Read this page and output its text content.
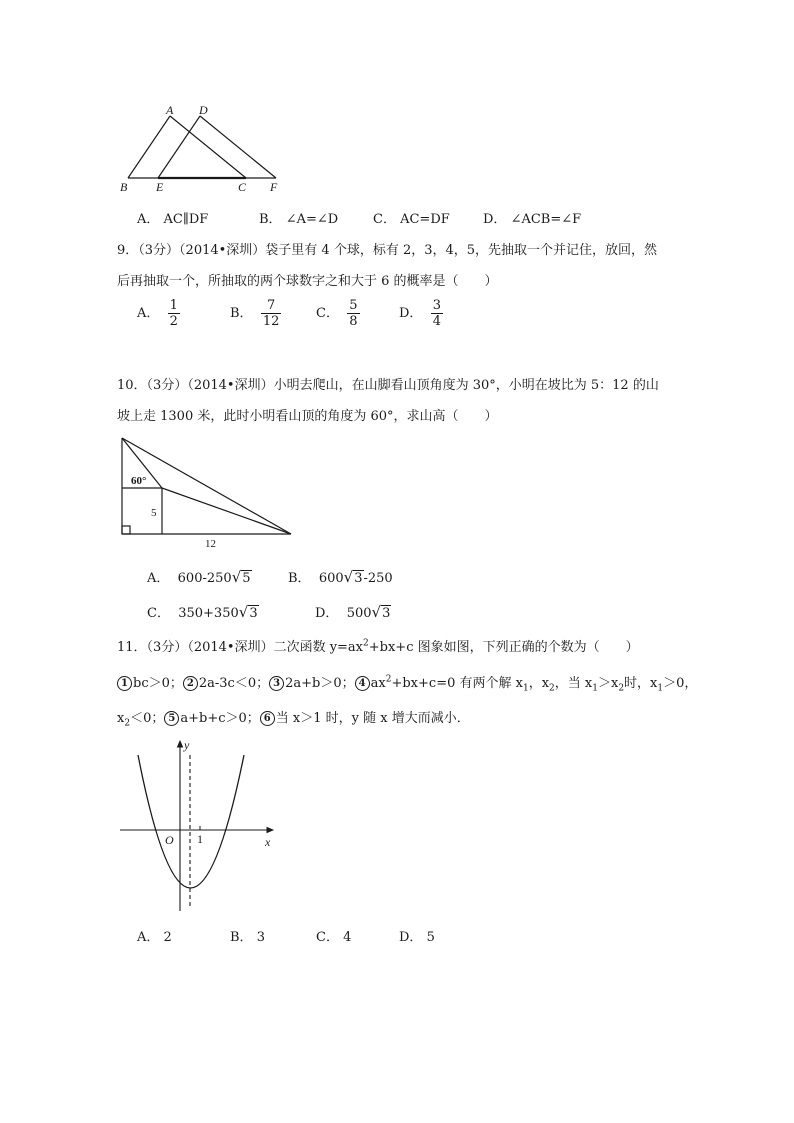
A D
B E	C F
A． AC∥DF	B． ∠A=∠D	C． AC=DF	D． ∠ACB=∠F
9．（3分）（2014•深圳）袋子里有 4 个球，标有 2，3，4，5，先抽取一个并记住，放回，然
后再抽取一个，所抽取的两个球数字之和大于 6 的概率是（　　）
A． $\frac{1}{2}$	B． $\frac{7}{12}$	C． $\frac{5}{8}$	D． $\frac{3}{4}$
10．（3分）（2014•深圳）小明去爬山，在山脚看山顶角度为 30°，小明在坡比为 5：12 的山
坡上走 1300 米，此时小明看山顶的角度为 60°，求山高（　　）
60°
5
12
A． 600-250√5	B． 600√3-250
C． 350+350√3	D． 500√3
11．（3分）（2014•深圳）二次函数 $y=ax^2+bx+c$ 图象如图，下列正确的个数为（　　）
1 bc＞0； 2 2a-3c＜0； 3 2a+b＞0； 4 $ax^2+bx+c=0$ 有两个解 $x_1$，$x_2$，当 $x_1>x_2$时，$x_1>0$，
$x_2<0$； 5 a+b+c＞0； 6 当 x＞1 时，y 随 x 增大而减小．
y
x
O 1
A． 2	B． 3	C． 4	D． 5
